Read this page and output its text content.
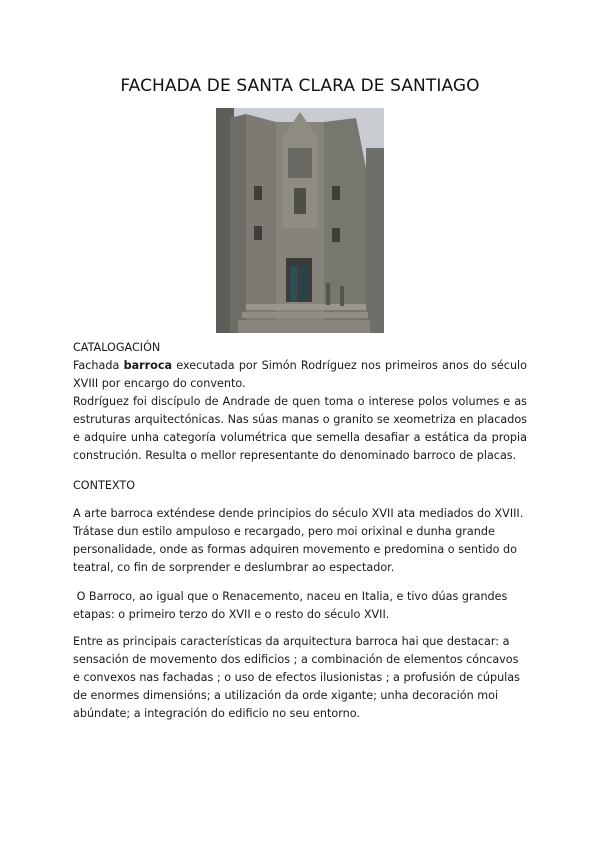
FACHADA DE SANTA CLARA DE SANTIAGO

CATALOGACIÓN

Fachada barroca executada por Simón Rodríguez nos primeiros anos do século XVIII por encargo do convento.

Rodríguez foi discípulo de Andrade de quen toma o interese polos volumes e as estruturas arquitectónicas. Nas súas manas o granito se xeometriza en placados e adquire unha categoría volumétrica que semella desafiar a estática da propia construción. Resulta o mellor representante do denominado barroco de placas.

CONTEXTO

A arte barroca exténdese dende principios do século XVII ata mediados do XVIII. Trátase dun estilo ampuloso e recargado, pero moi orixinal e dunha grande personalidade, onde as formas adquiren movemento e predomina o sentido do teatral, co fin de sorprender e deslumbrar ao espectador.

O Barroco, ao igual que o Renacemento, naceu en Italia, e tivo dúas grandes etapas: o primeiro terzo do XVII e o resto do século XVII.

Entre as principais características da arquitectura barroca hai que destacar: a sensación de movemento dos edificios ; a combinación de elementos cóncavos e convexos nas fachadas ; o uso de efectos ilusionistas ; a profusión de cúpulas de enormes dimensións; a utilización da orde xigante; unha decoración moi abúndate; a integración do edificio no seu entorno.
